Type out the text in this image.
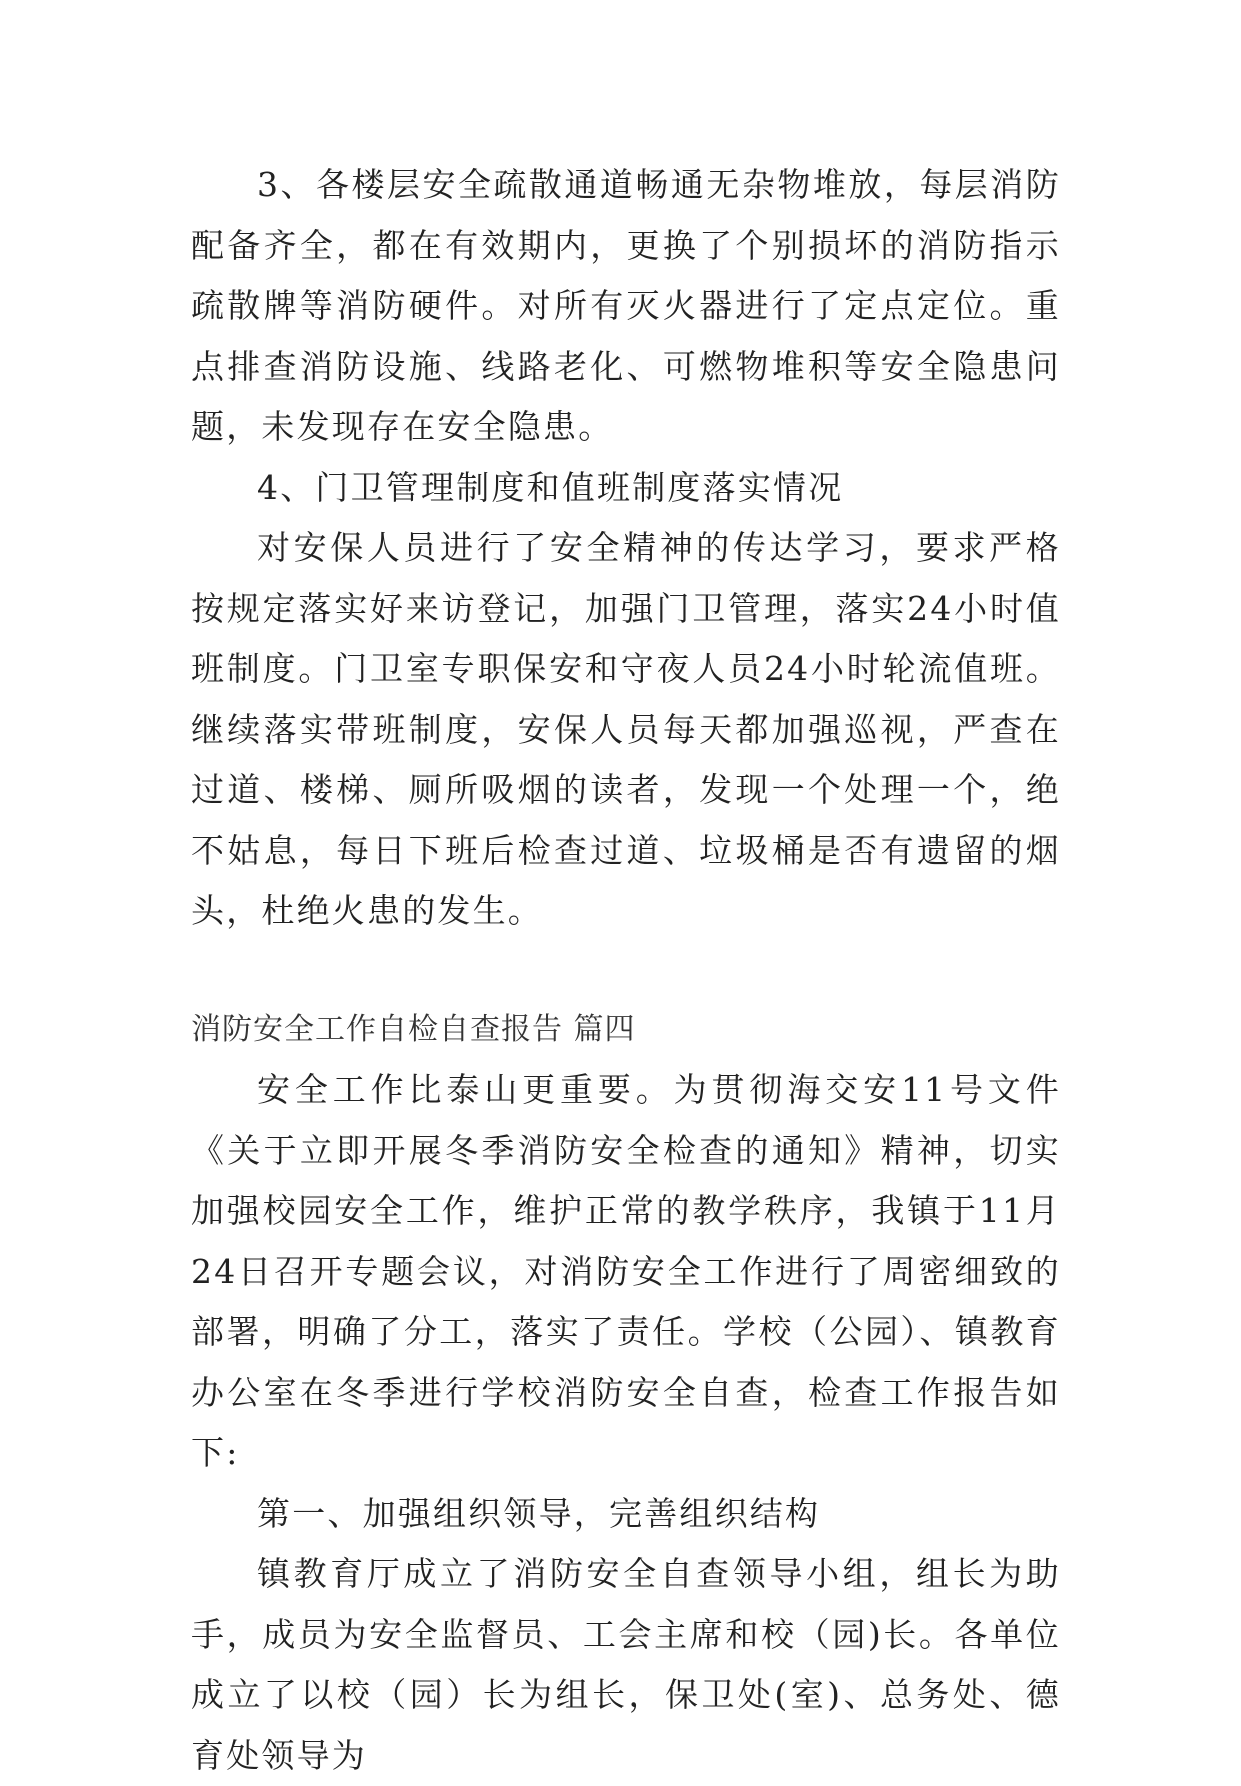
3、各楼层安全疏散通道畅通无杂物堆放，每层消防配备齐全，都在有效期内，更换了个别损坏的消防指示疏散牌等消防硬件。对所有灭火器进行了定点定位。重点排查消防设施、线路老化、可燃物堆积等安全隐患问题，未发现存在安全隐患。

4、门卫管理制度和值班制度落实情况

对安保人员进行了安全精神的传达学习，要求严格按规定落实好来访登记，加强门卫管理，落实24小时值班制度。门卫室专职保安和守夜人员24小时轮流值班。继续落实带班制度，安保人员每天都加强巡视，严查在过道、楼梯、厕所吸烟的读者，发现一个处理一个，绝不姑息，每日下班后检查过道、垃圾桶是否有遗留的烟头，杜绝火患的发生。

消防安全工作自检自查报告 篇四

安全工作比泰山更重要。为贯彻海交安11号文件《关于立即开展冬季消防安全检查的通知》精神，切实加强校园安全工作，维护正常的教学秩序，我镇于11月24日召开专题会议，对消防安全工作进行了周密细致的部署，明确了分工，落实了责任。学校（公园）、镇教育办公室在冬季进行学校消防安全自查，检查工作报告如下:

第一、加强组织领导，完善组织结构

镇教育厅成立了消防安全自查领导小组，组长为助手，成员为安全监督员、工会主席和校（园)长。各单位成立了以校（园）长为组长，保卫处(室)、总务处、德育处领导为
